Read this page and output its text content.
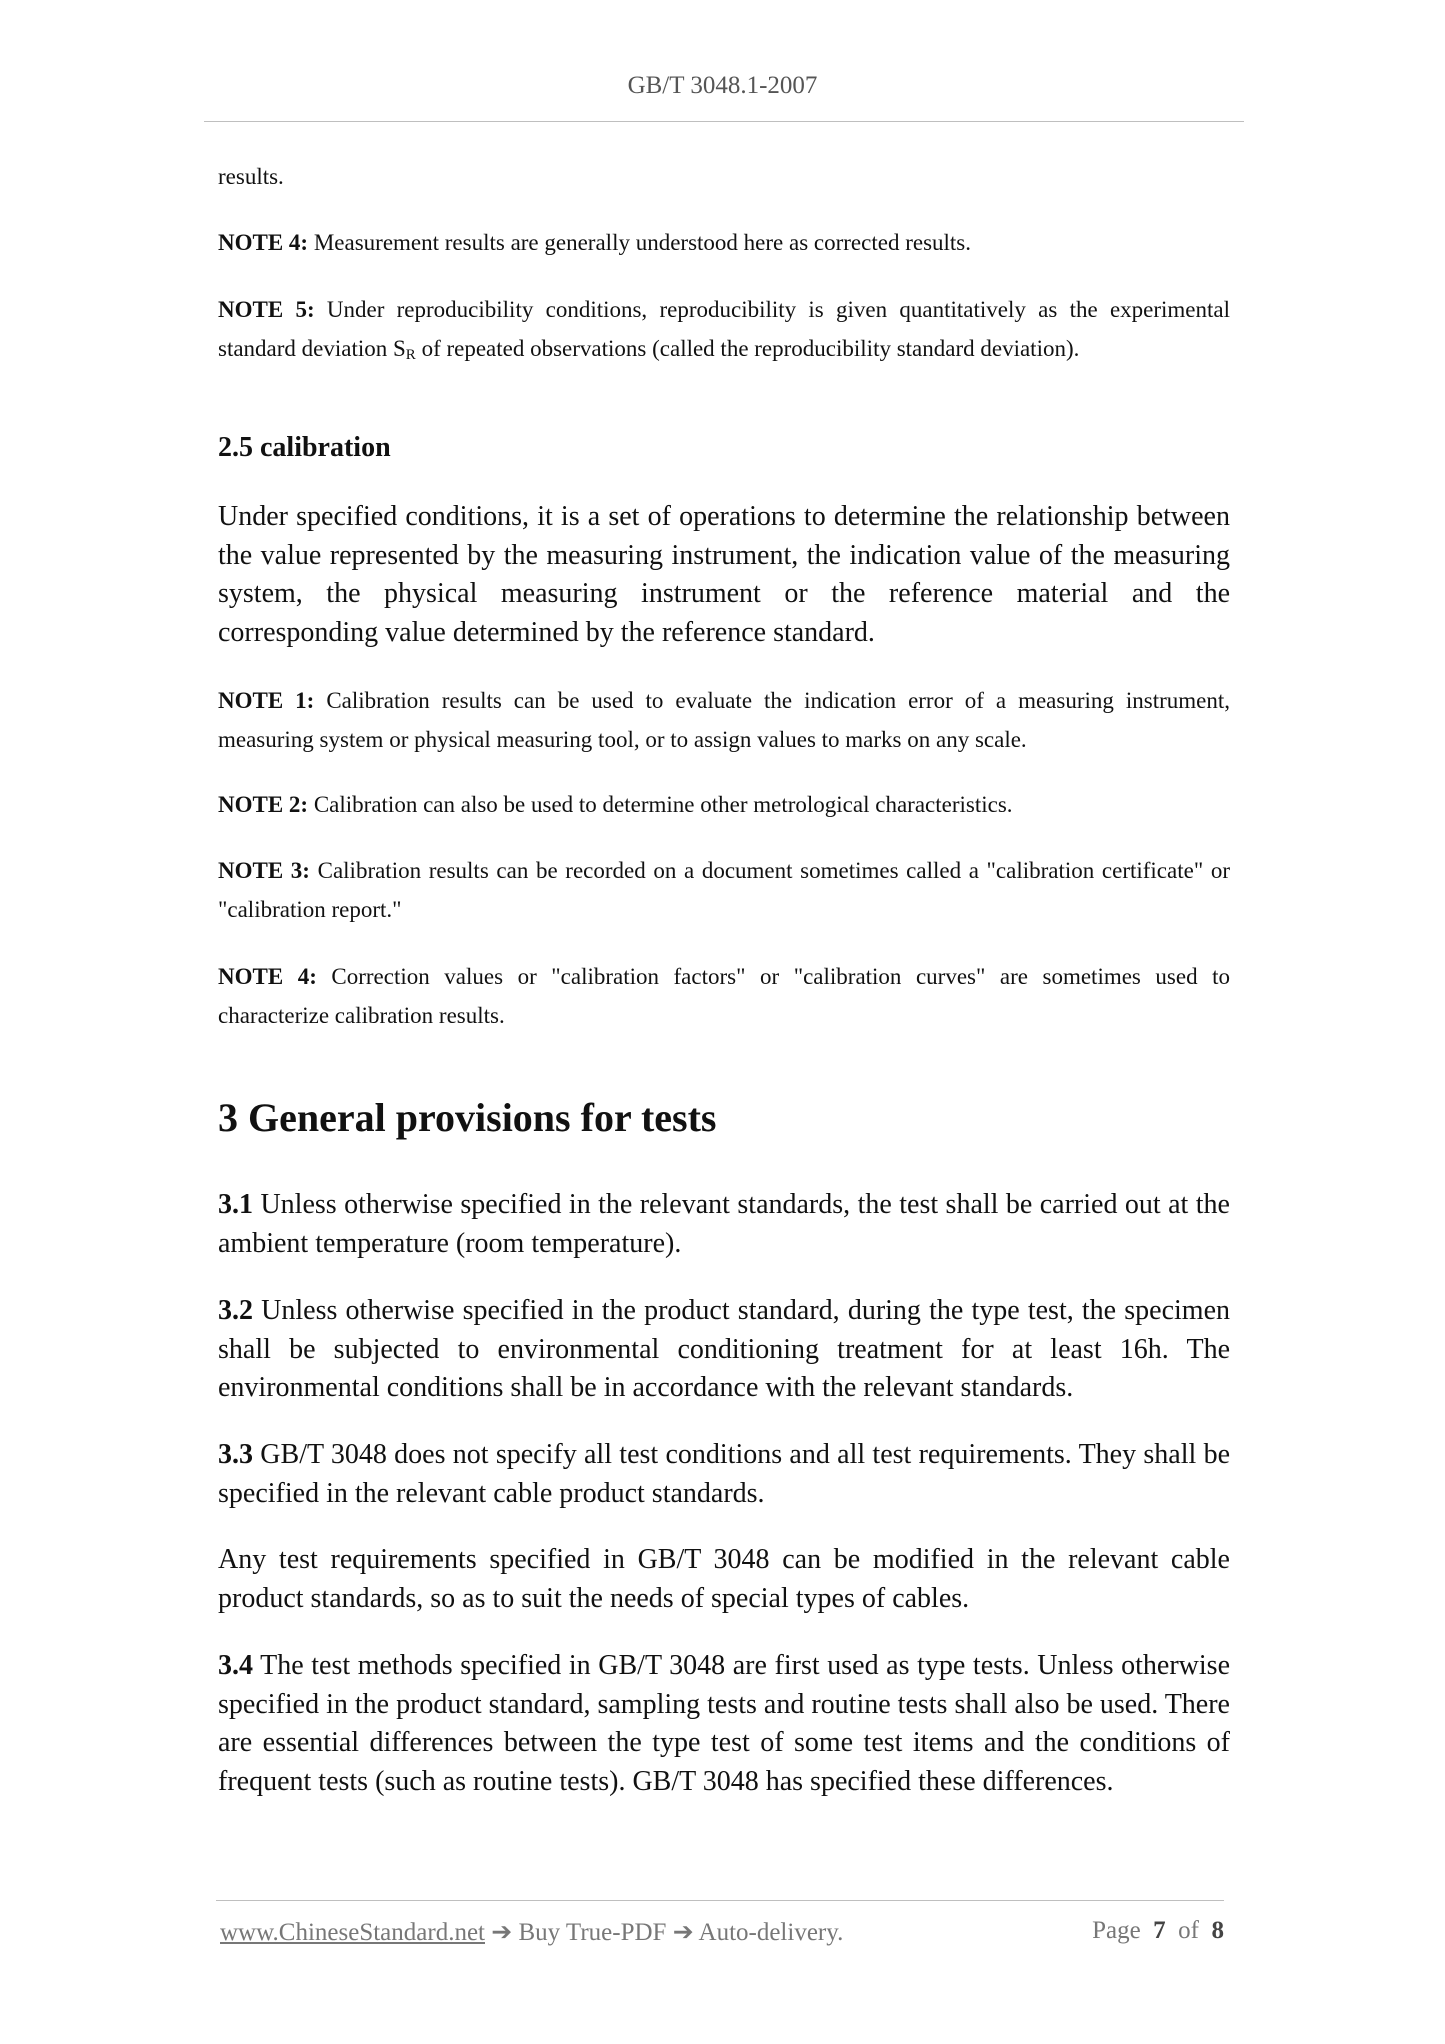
GB/T 3048.1-2007

results.

NOTE 4: Measurement results are generally understood here as corrected results.

NOTE 5: Under reproducibility conditions, reproducibility is given quantitatively as the experimental standard deviation $S_R$ of repeated observations (called the reproducibility standard deviation).

2.5 calibration

Under specified conditions, it is a set of operations to determine the relationship between the value represented by the measuring instrument, the indication value of the measuring system, the physical measuring instrument or the reference material and the corresponding value determined by the reference standard.

NOTE 1: Calibration results can be used to evaluate the indication error of a measuring instrument, measuring system or physical measuring tool, or to assign values to marks on any scale.

NOTE 2: Calibration can also be used to determine other metrological characteristics.

NOTE 3: Calibration results can be recorded on a document sometimes called a "calibration certificate" or "calibration report."

NOTE 4: Correction values or "calibration factors" or "calibration curves" are sometimes used to characterize calibration results.

3 General provisions for tests

3.1 Unless otherwise specified in the relevant standards, the test shall be carried out at the ambient temperature (room temperature).

3.2 Unless otherwise specified in the product standard, during the type test, the specimen shall be subjected to environmental conditioning treatment for at least 16h. The environmental conditions shall be in accordance with the relevant standards.

3.3 GB/T 3048 does not specify all test conditions and all test requirements. They shall be specified in the relevant cable product standards.

Any test requirements specified in GB/T 3048 can be modified in the relevant cable product standards, so as to suit the needs of special types of cables.

3.4 The test methods specified in GB/T 3048 are first used as type tests. Unless otherwise specified in the product standard, sampling tests and routine tests shall also be used. There are essential differences between the type test of some test items and the conditions of frequent tests (such as routine tests). GB/T 3048 has specified these differences.

www.ChineseStandard.net ➔ Buy True-PDF ➔ Auto-delivery.	Page 7 of 8
